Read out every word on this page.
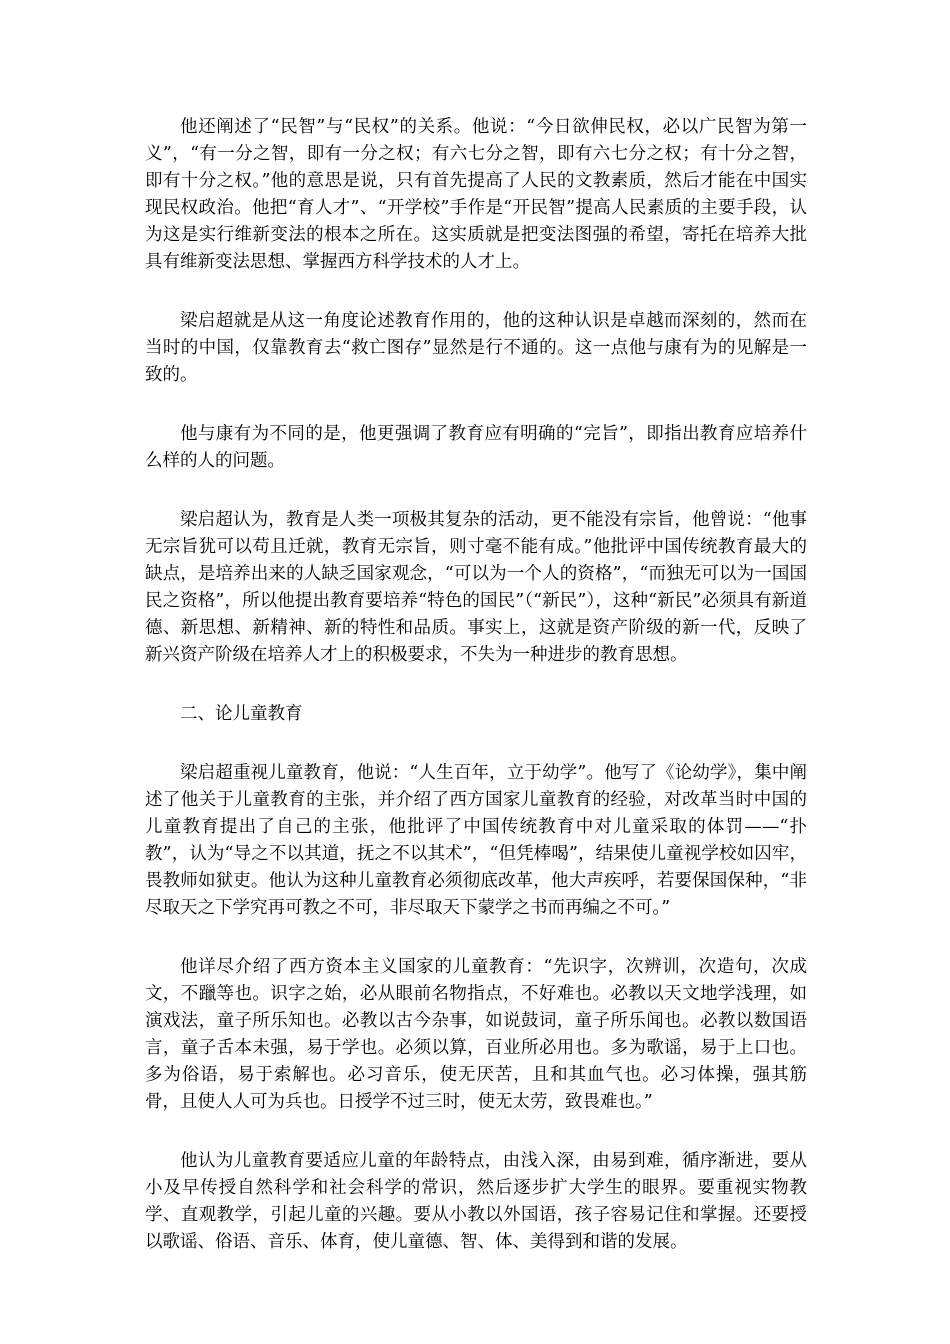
他还阐述了“民智”与“民权”的关系。他说：“今日欲伸民权，必以广民智为第一义”，“有一分之智，即有一分之权；有六七分之智，即有六七分之权；有十分之智，即有十分之权。”他的意思是说，只有首先提高了人民的文教素质，然后才能在中国实现民权政治。他把“育人才”、“开学校”手作是“开民智”提高人民素质的主要手段，认为这是实行维新变法的根本之所在。这实质就是把变法图强的希望，寄托在培养大批具有维新变法思想、掌握西方科学技术的人才上。

梁启超就是从这一角度论述教育作用的，他的这种认识是卓越而深刻的，然而在当时的中国，仅靠教育去“救亡图存”显然是行不通的。这一点他与康有为的见解是一致的。

他与康有为不同的是，他更强调了教育应有明确的“完旨”，即指出教育应培养什么样的人的问题。

梁启超认为，教育是人类一项极其复杂的活动，更不能没有宗旨，他曾说：“他事无宗旨犹可以苟且迁就，教育无宗旨，则寸毫不能有成。”他批评中国传统教育最大的缺点，是培养出来的人缺乏国家观念，“可以为一个人的资格”，“而独无可以为一国国民之资格”，所以他提出教育要培养“特色的国民”（“新民”），这种“新民”必须具有新道德、新思想、新精神、新的特性和品质。事实上，这就是资产阶级的新一代，反映了新兴资产阶级在培养人才上的积极要求，不失为一种进步的教育思想。

二、论儿童教育

梁启超重视儿童教育，他说：“人生百年，立于幼学”。他写了《论幼学》，集中阐述了他关于儿童教育的主张，并介绍了西方国家儿童教育的经验，对改革当时中国的儿童教育提出了自己的主张，他批评了中国传统教育中对儿童采取的体罚——“扑教”，认为“导之不以其道，抚之不以其术”，“但凭棒喝”，结果使儿童视学校如囚牢，畏教师如狱吏。他认为这种儿童教育必须彻底改革，他大声疾呼，若要保国保种，“非尽取天之下学究再可教之不可，非尽取天下蒙学之书而再编之不可。”

他详尽介绍了西方资本主义国家的儿童教育：“先识字，次辨训，次造句，次成文，不躐等也。识字之始，必从眼前名物指点，不好难也。必教以天文地学浅理，如演戏法，童子所乐知也。必教以古今杂事，如说鼓词，童子所乐闻也。必教以数国语言，童子舌本未强，易于学也。必须以算，百业所必用也。多为歌谣，易于上口也。多为俗语，易于索解也。必习音乐，使无厌苦，且和其血气也。必习体操，强其筋骨，且使人人可为兵也。日授学不过三时，使无太劳，致畏难也。”

他认为儿童教育要适应儿童的年龄特点，由浅入深，由易到难，循序渐进，要从小及早传授自然科学和社会科学的常识，然后逐步扩大学生的眼界。要重视实物教学、直观教学，引起儿童的兴趣。要从小教以外国语，孩子容易记住和掌握。还要授以歌谣、俗语、音乐、体育，使儿童德、智、体、美得到和谐的发展。
